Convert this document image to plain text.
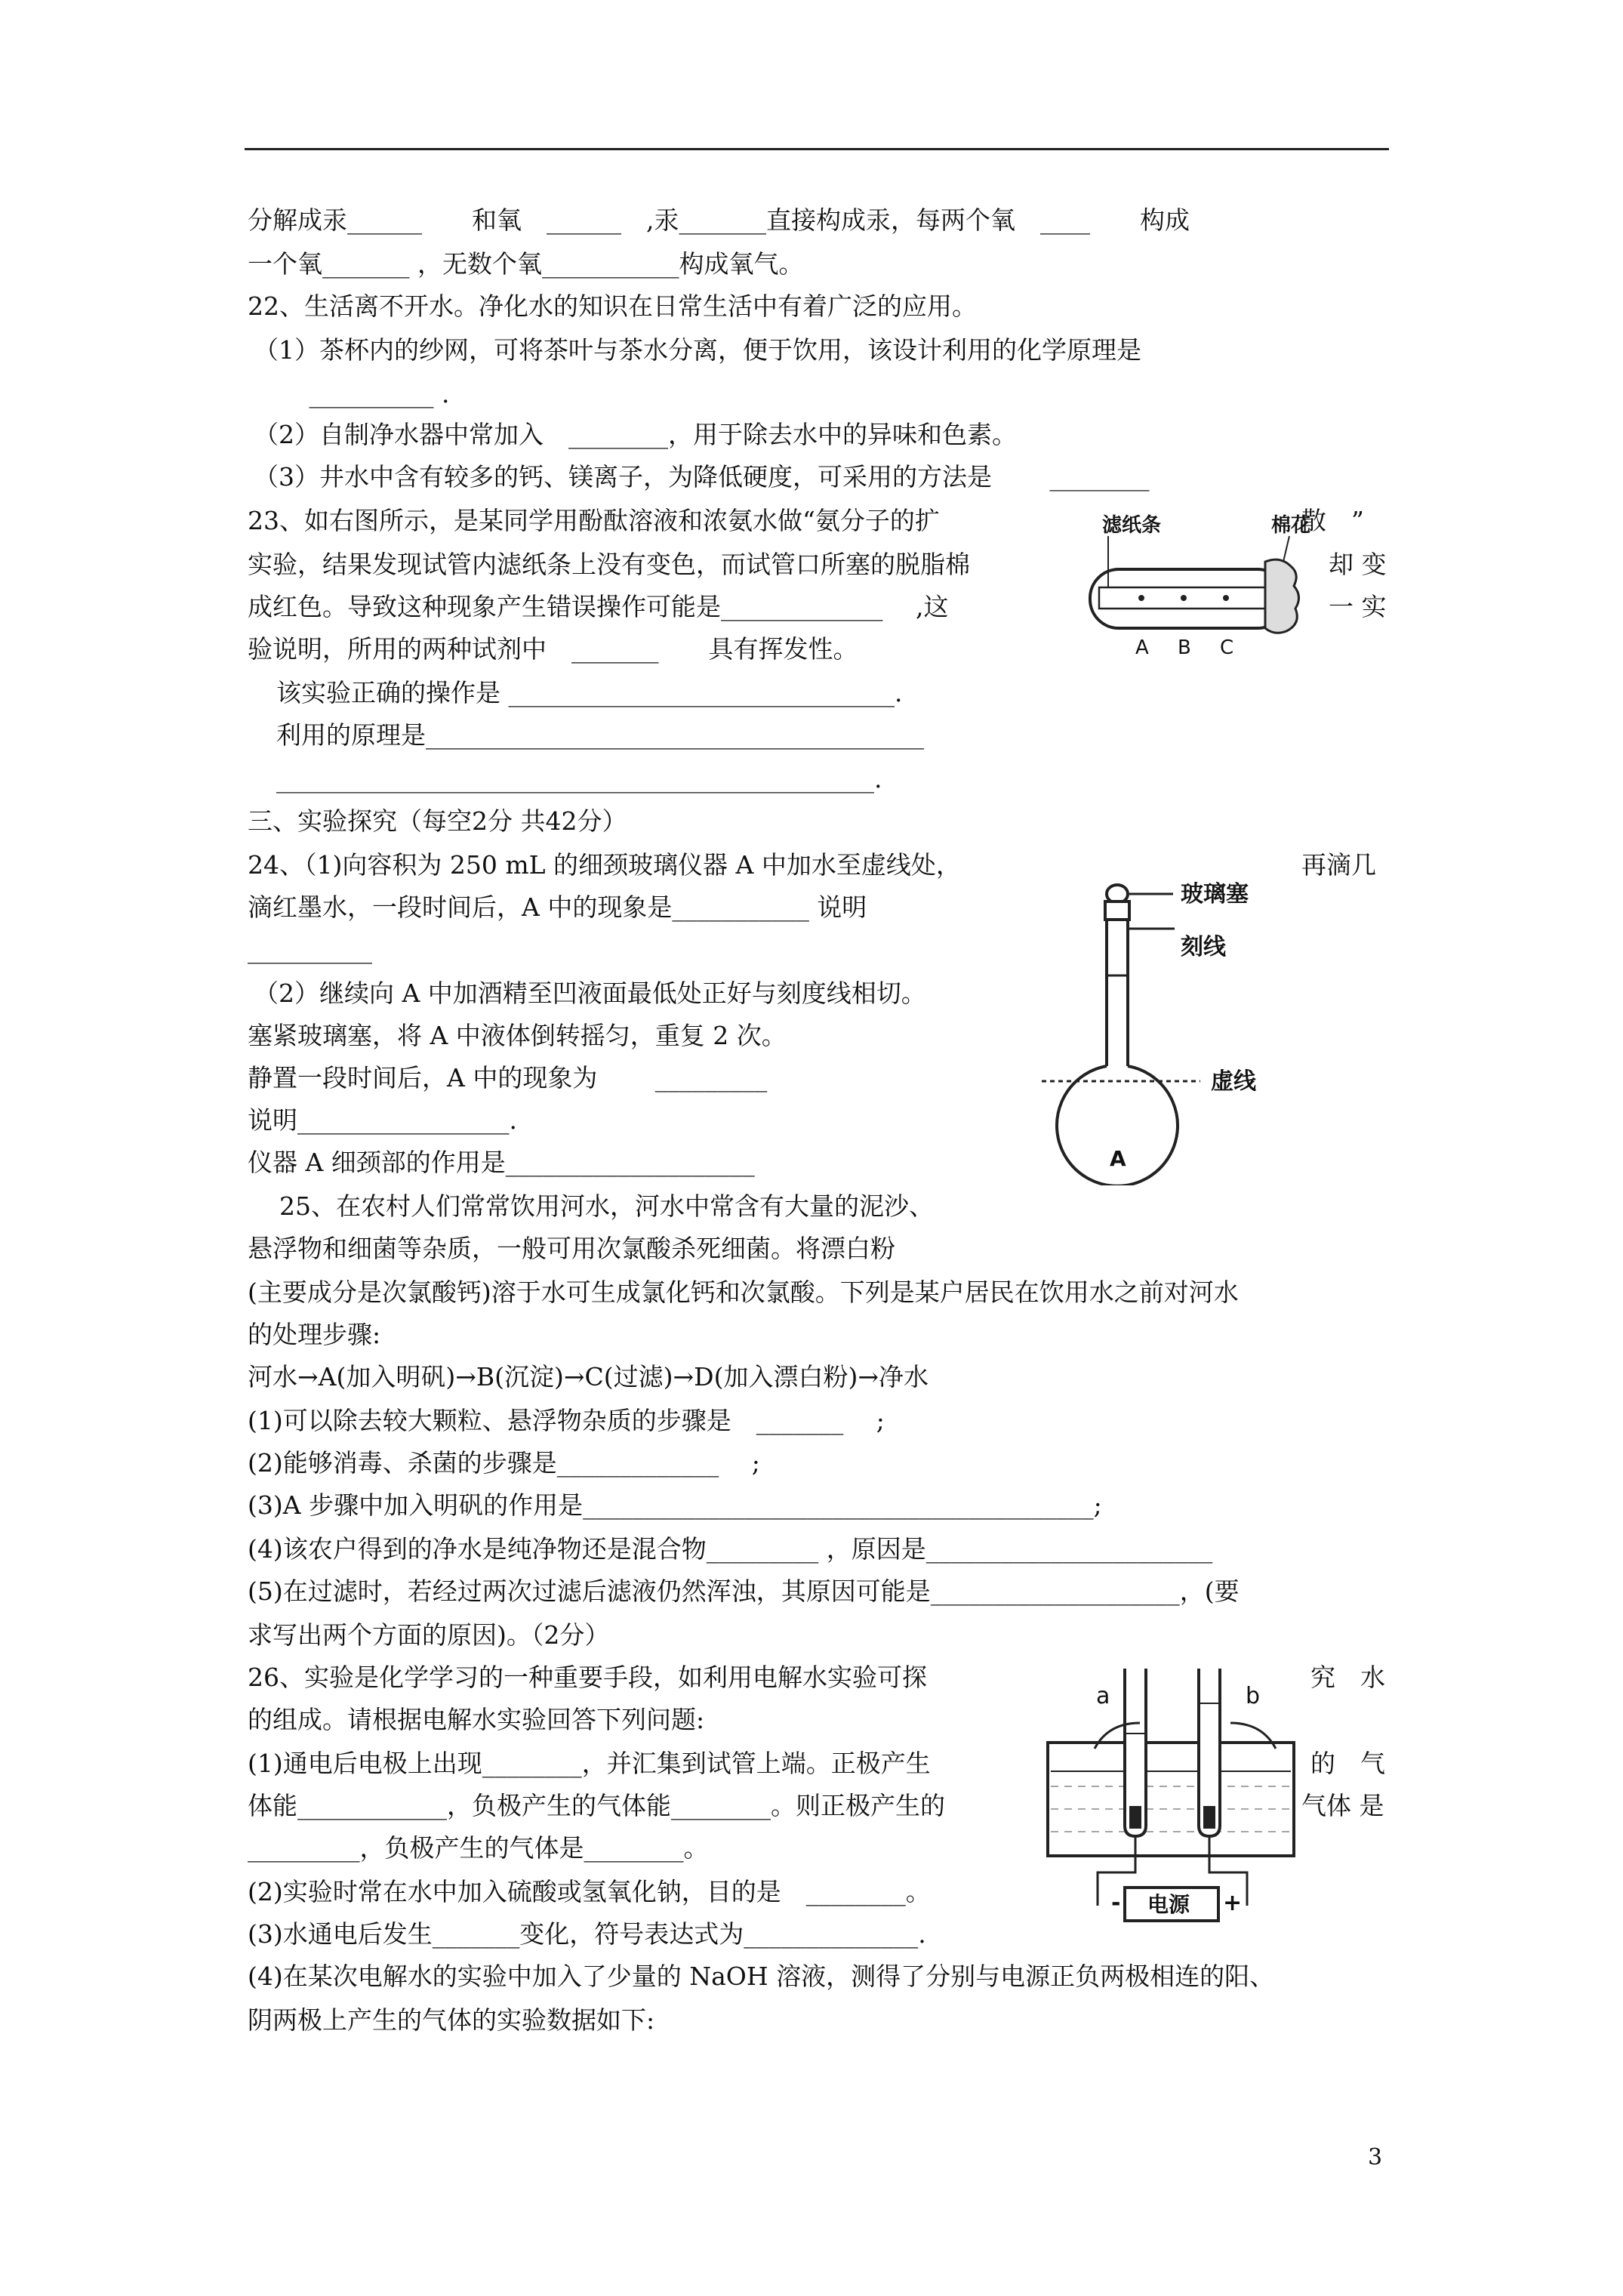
分解成汞______　　和氧　______　,汞_______直接构成汞，每两个氧　____　　构成
一个氧_______ ，无数个氧___________构成氧气。
22、生活离不开水。净化水的知识在日常生活中有着广泛的应用。
（1）茶杯内的纱网，可将茶叶与茶水分离，便于饮用，该设计利用的化学原理是
　 __________ .
（2）自制净水器中常加入　________，用于除去水中的异味和色素。
（3）井水中含有较多的钙、镁离子，为降低硬度，可采用的方法是　　 ________
23、如右图所示，是某同学用酚酞溶液和浓氨水做“氨分子的扩	散　”
实验，结果发现试管内滤纸条上没有变色，而试管口所塞的脱脂棉	却 变
成红色。导致这种现象产生错误操作可能是_____________　 ,这	一 实
验说明，所用的两种试剂中　_______　　具有挥发性。
该实验正确的操作是 _______________________________.
利用的原理是________________________________________
________________________________________________.
三、实验探究（每空2分 共42分）
24、（1)向容积为 250 mL 的细颈玻璃仪器 A 中加水至虚线处，	再滴几
滴红墨水，一段时间后，A 中的现象是___________ 说明
__________
（2）继续向 A 中加酒精至凹液面最低处正好与刻度线相切。
塞紧玻璃塞，将 A 中液体倒转摇匀，重复 2 次。
静置一段时间后，A 中的现象为　　 _________
说明_________________.
仪器 A 细颈部的作用是____________________
25、在农村人们常常饮用河水，河水中常含有大量的泥沙、
悬浮物和细菌等杂质，一般可用次氯酸杀死细菌。将漂白粉
(主要成分是次氯酸钙)溶于水可生成氯化钙和次氯酸。下列是某户居民在饮用水之前对河水
的处理步骤:
河水→A(加入明矾)→B(沉淀)→C(过滤)→D(加入漂白粉)→净水
(1)可以除去较大颗粒、悬浮物杂质的步骤是　_______　 ;
(2)能够消毒、杀菌的步骤是_____________　 ;
(3)A 步骤中加入明矾的作用是_________________________________________;
(4)该农户得到的净水是纯净物还是混合物_________ ，原因是_______________________
(5)在过滤时，若经过两次过滤后滤液仍然浑浊，其原因可能是____________________，(要
求写出两个方面的原因)。（2分）
26、实验是化学学习的一种重要手段，如利用电解水实验可探	究　水
的组成。请根据电解水实验回答下列问题:
(1)通电后电极上出现________，并汇集到试管上端。正极产生	的　气
体能____________，负极产生的气体能________。则正极产生的	气体 是
_________，负极产生的气体是________。
(2)实验时常在水中加入硫酸或氢氧化钠，目的是　________。
(3)水通电后发生_______变化，符号表达式为______________.
(4)在某次电解水的实验中加入了少量的 NaOH 溶液，测得了分别与电源正负两极相连的阳、
阴两极上产生的气体的实验数据如下:
滤纸条	棉花
A B C
玻璃塞
刻线
虚线
A
- 电源 +
a	b
3
